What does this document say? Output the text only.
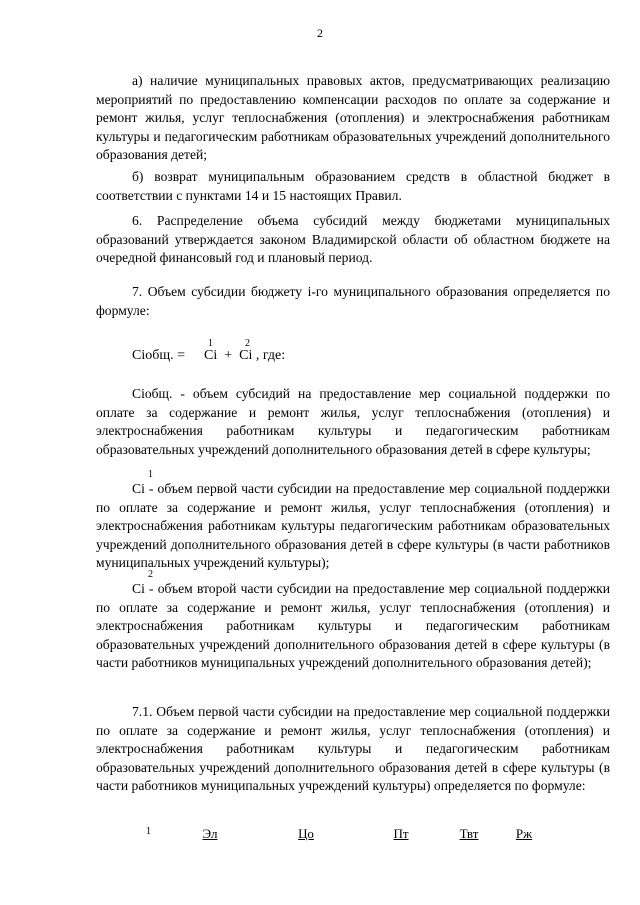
2
а) наличие муниципальных правовых актов, предусматривающих реализацию мероприятий по предоставлению компенсации расходов по оплате за содержание и ремонт жилья, услуг теплоснабжения (отопления) и электроснабжения работникам культуры и педагогическим работникам образовательных учреждений дополнительного образования детей;
б) возврат муниципальным образованием средств в областной бюджет в соответствии с пунктами 14 и 15 настоящих Правил.
6. Распределение объема субсидий между бюджетами муниципальных образований утверждается законом Владимирской области об областном бюджете на очередной финансовый год и плановый период.
7. Объем субсидии бюджету i-го муниципального образования определяется по формуле:
1	2
Ciобщ. = Ci  +  Ci , где:
Ciобщ. - объем субсидий на предоставление мер социальной поддержки по оплате за содержание и ремонт жилья, услуг теплоснабжения (отопления) и электроснабжения работникам культуры и педагогическим работникам образовательных учреждений дополнительного образования детей в сфере культуры;
1
Ci - объем первой части субсидии на предоставление мер социальной поддержки по оплате за содержание и ремонт жилья, услуг теплоснабжения (отопления) и электроснабжения работникам культуры педагогическим работникам образовательных учреждений дополнительного образования детей в сфере культуры (в части работников муниципальных учреждений культуры);
2
Ci - объем второй части субсидии на предоставление мер социальной поддержки по оплате за содержание и ремонт жилья, услуг теплоснабжения (отопления) и электроснабжения работникам культуры и педагогическим работникам образовательных учреждений дополнительного образования детей в сфере культуры (в части работников муниципальных учреждений дополнительного образования детей);
7.1. Объем первой части субсидии на предоставление мер социальной поддержки по оплате за содержание и ремонт жилья, услуг теплоснабжения (отопления) и электроснабжения работникам культуры и педагогическим работникам образовательных учреждений дополнительного образования детей в сфере культуры (в части работников муниципальных учреждений культуры) определяется по формуле:
1	Эл	Цо	Пт	Твт	Рж
